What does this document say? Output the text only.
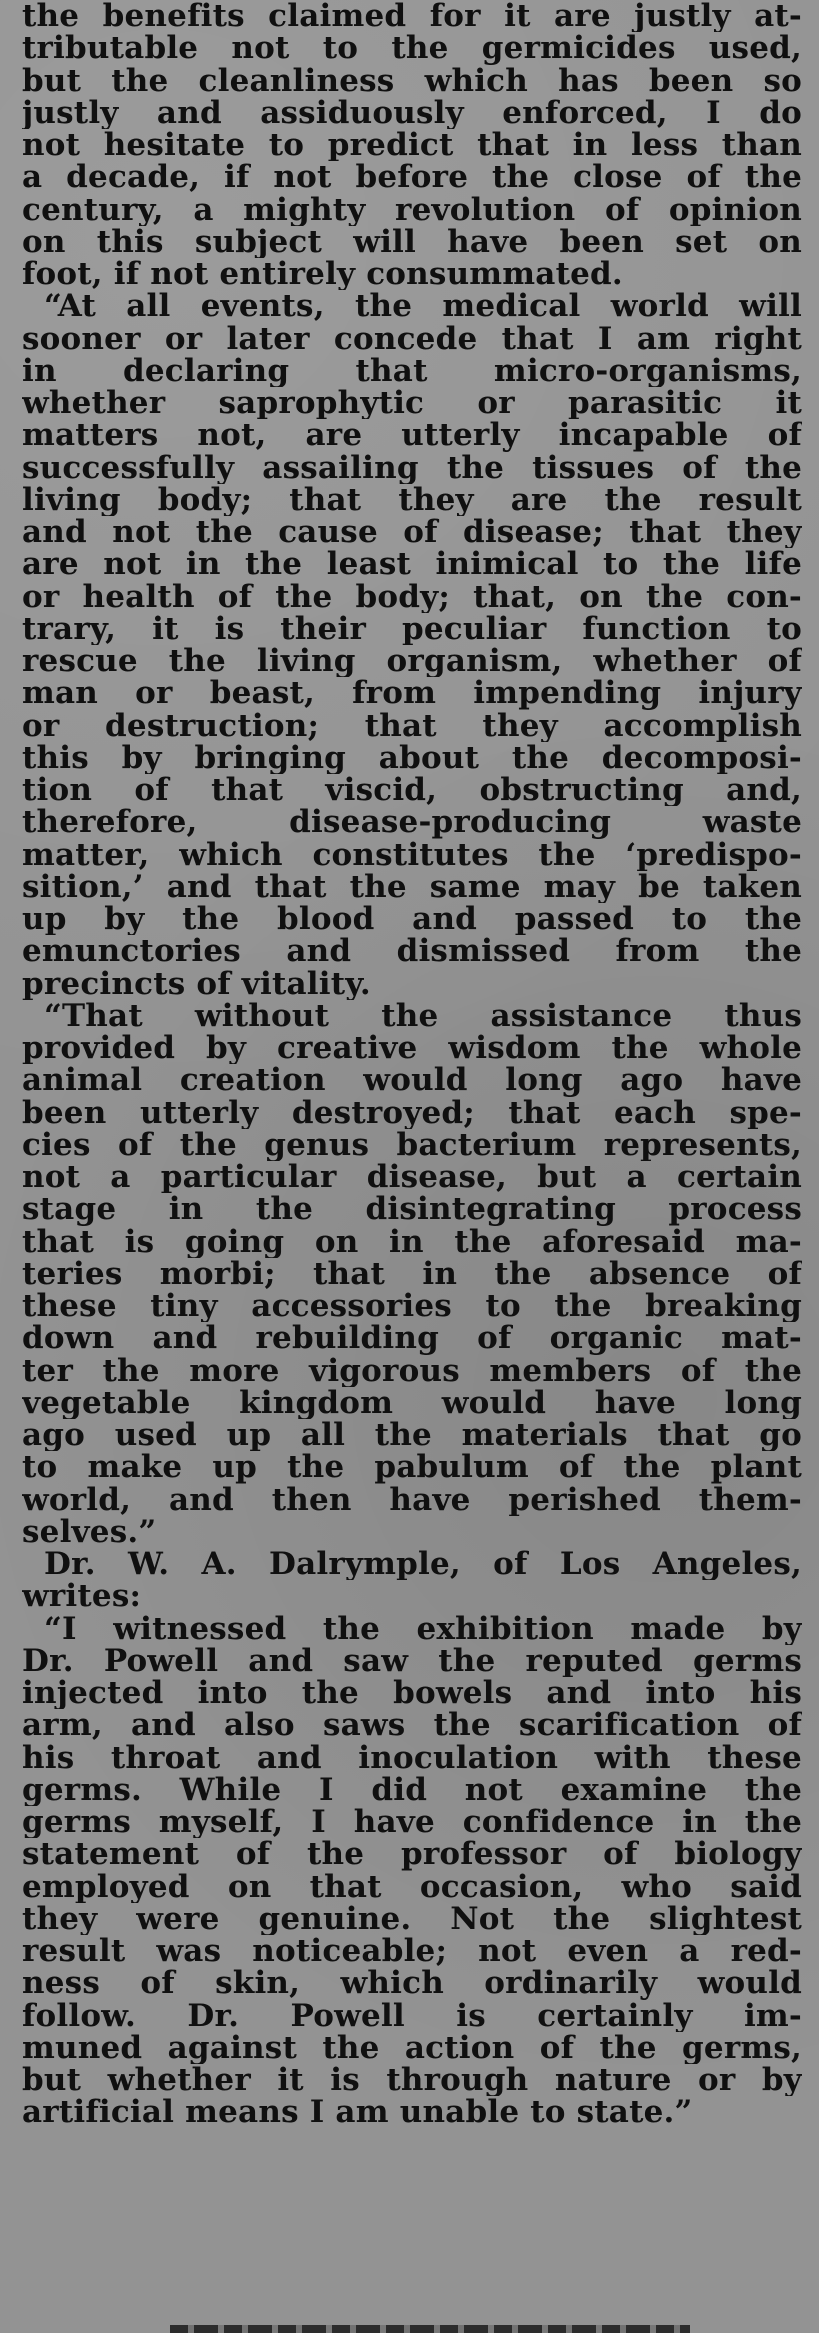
the benefits claimed for it are justly at-
tributable not to the germicides used,
but the cleanliness which has been so
justly and assiduously enforced, I do
not hesitate to predict that in less than
a decade, if not before the close of the
century, a mighty revolution of opinion
on this subject will have been set on
foot, if not entirely consummated.
“At all events, the medical world will
sooner or later concede that I am right
in declaring that micro-organisms,
whether saprophytic or parasitic it
matters not, are utterly incapable of
successfully assailing the tissues of the
living body; that they are the result
and not the cause of disease; that they
are not in the least inimical to the life
or health of the body; that, on the con-
trary, it is their peculiar function to
rescue the living organism, whether of
man or beast, from impending injury
or destruction; that they accomplish
this by bringing about the decomposi-
tion of that viscid, obstructing and,
therefore, disease-producing waste
matter, which constitutes the ‘predispo-
sition,’ and that the same may be taken
up by the blood and passed to the
emunctories and dismissed from the
precincts of vitality.
“That without the assistance thus
provided by creative wisdom the whole
animal creation would long ago have
been utterly destroyed; that each spe-
cies of the genus bacterium represents,
not a particular disease, but a certain
stage in the disintegrating process
that is going on in the aforesaid ma-
teries morbi; that in the absence of
these tiny accessories to the breaking
down and rebuilding of organic mat-
ter the more vigorous members of the
vegetable kingdom would have long
ago used up all the materials that go
to make up the pabulum of the plant
world, and then have perished them-
selves.”
Dr. W. A. Dalrymple, of Los Angeles,
writes:
“I witnessed the exhibition made by
Dr. Powell and saw the reputed germs
injected into the bowels and into his
arm, and also saws the scarification of
his throat and inoculation with these
germs. While I did not examine the
germs myself, I have confidence in the
statement of the professor of biology
employed on that occasion, who said
they were genuine. Not the slightest
result was noticeable; not even a red-
ness of skin, which ordinarily would
follow. Dr. Powell is certainly im-
muned against the action of the germs,
but whether it is through nature or by
artificial means I am unable to state.”
